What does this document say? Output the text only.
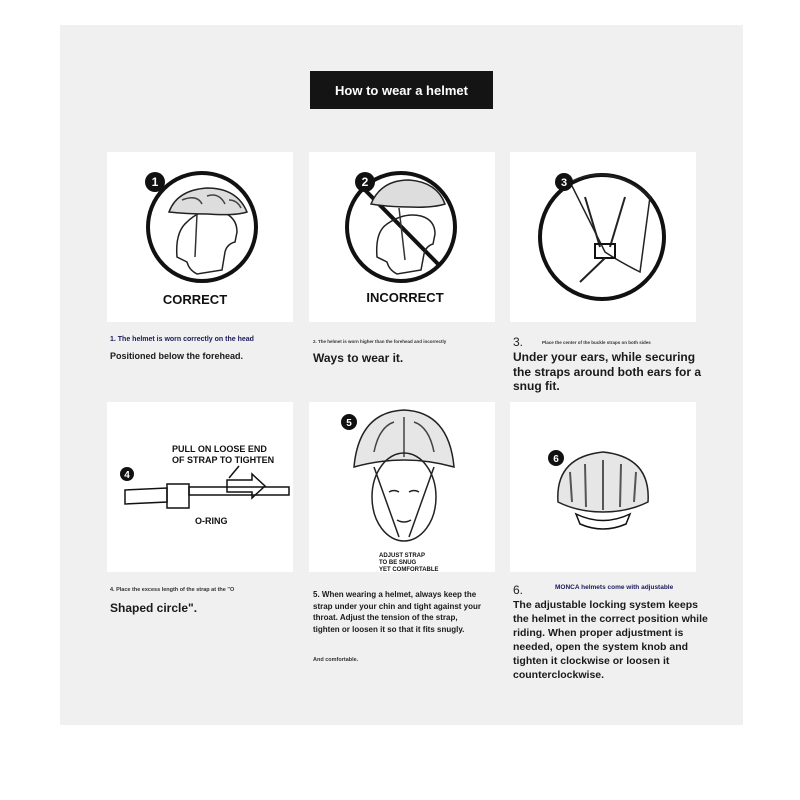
How to wear a helmet
1
CORRECT
2
INCORRECT
3
PULL ON LOOSE END
OF STRAP TO TIGHTEN
4
O-RING
5
ADJUST STRAP
TO BE SNUG
YET COMFORTABLE
6
1. The helmet is worn correctly on the head
Positioned below the forehead.
2. The helmet is worn higher than the forehead and incorrectly
Ways to wear it.
3.	Place the center of the buckle straps on both sides
Under your ears, while securing the straps around both ears for a snug fit.
4. Place the excess length of the strap at the "O
Shaped circle".
5. When wearing a helmet, always keep the strap under your chin and tight against your throat. Adjust the tension of the strap, tighten or loosen it so that it fits snugly.
And comfortable.
6.	MONCA helmets come with adjustable
The adjustable locking system keeps the helmet in the correct position while riding. When proper adjustment is needed, open the system knob and tighten it clockwise or loosen it counterclockwise.
